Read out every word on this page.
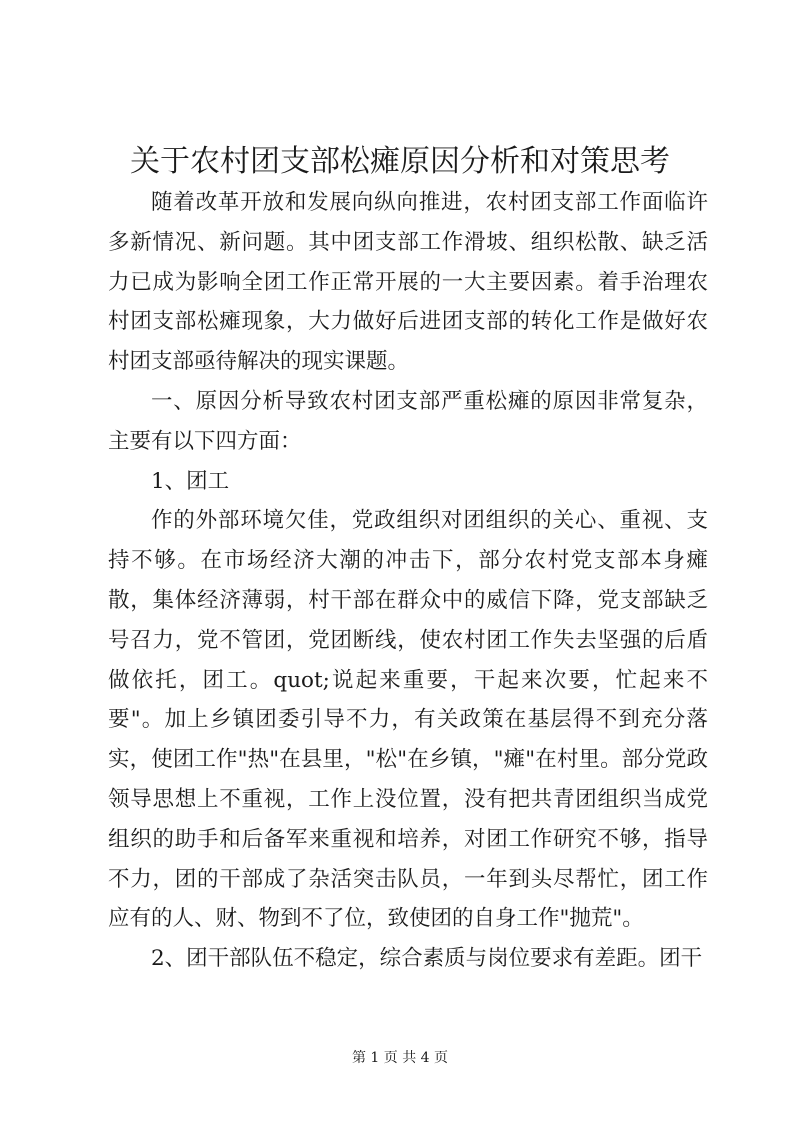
关于农村团支部松瘫原因分析和对策思考

随着改革开放和发展向纵向推进，农村团支部工作面临许多新情况、新问题。其中团支部工作滑坡、组织松散、缺乏活力已成为影响全团工作正常开展的一大主要因素。着手治理农村团支部松瘫现象，大力做好后进团支部的转化工作是做好农村团支部亟待解决的现实课题。

一、原因分析导致农村团支部严重松瘫的原因非常复杂，主要有以下四方面：

1、团工

作的外部环境欠佳，党政组织对团组织的关心、重视、支持不够。在市场经济大潮的冲击下，部分农村党支部本身瘫散，集体经济薄弱，村干部在群众中的威信下降，党支部缺乏号召力，党不管团，党团断线，使农村团工作失去坚强的后盾做依托，团工。quot;说起来重要，干起来次要，忙起来不要"。加上乡镇团委引导不力，有关政策在基层得不到充分落实，使团工作"热"在县里，"松"在乡镇，"瘫"在村里。部分党政领导思想上不重视，工作上没位置，没有把共青团组织当成党组织的助手和后备军来重视和培养，对团工作研究不够，指导不力，团的干部成了杂活突击队员，一年到头尽帮忙，团工作应有的人、财、物到不了位，致使团的自身工作"抛荒"。

2、团干部队伍不稳定，综合素质与岗位要求有差距。团干

第 1 页 共 4 页
